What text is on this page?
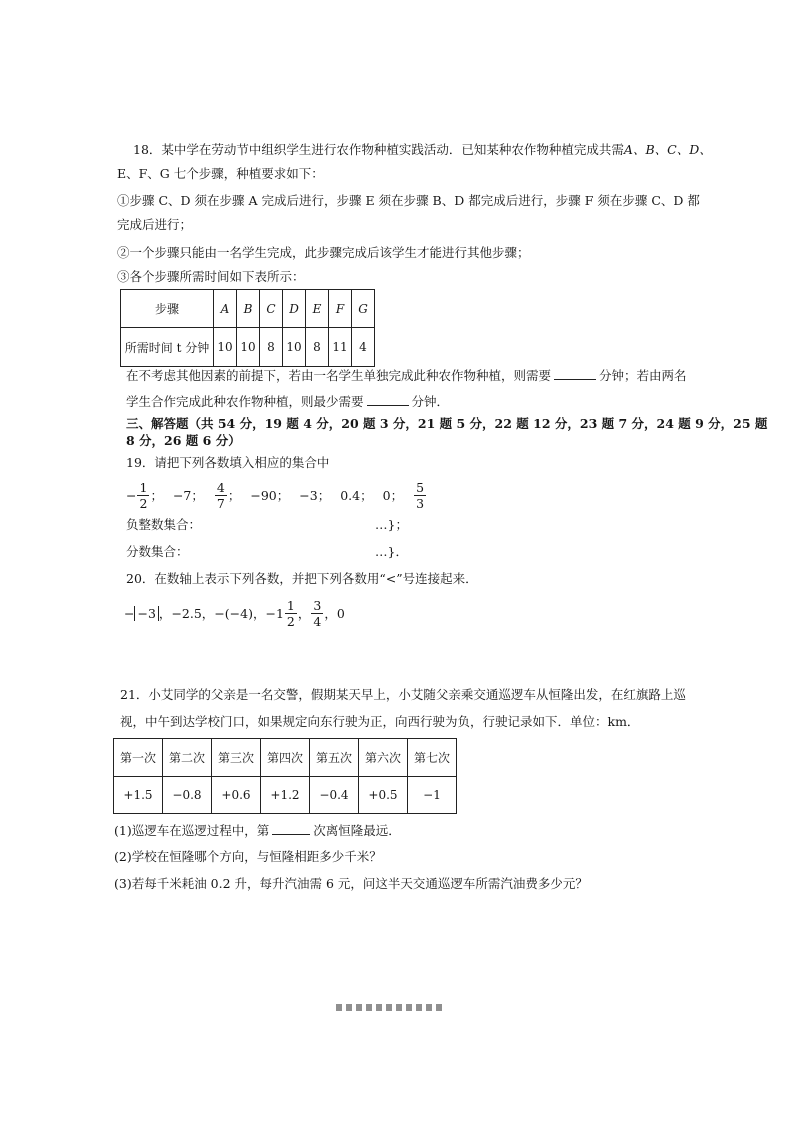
18．某中学在劳动节中组织学生进行农作物种植实践活动．已知某种农作物种植完成共需A、B、C、D、
E、F、G 七个步骤，种植要求如下：
①步骤 C、D 须在步骤 A 完成后进行，步骤 E 须在步骤 B、D 都完成后进行，步骤 F 须在步骤 C、D 都
完成后进行；
②一个步骤只能由一名学生完成，此步骤完成后该学生才能进行其他步骤；
③各个步骤所需时间如下表所示：
步骤	A	B	C	D	E	F	G
所需时间 t 分钟	10	10	8	10	8	11	4
在不考虑其他因素的前提下，若由一名学生单独完成此种农作物种植，则需要	分钟；若由两名
学生合作完成此种农作物种植，则最少需要	分钟．
三、解答题（共 54 分，19 题 4 分，20 题 3 分，21 题 5 分，22 题 12 分，23 题 7 分，24 题 9 分，25 题
8 分，26 题 6 分）
19．请把下列各数填入相应的集合中
− $\frac{1}{2}$ ； −7 ； $\frac{4}{7}$ ； −90 ； −3 ； 0.4 ； 0 ； $\frac{5}{3}$
负整数集合：	…}；
分数集合：	…}．
20．在数轴上表示下列各数，并把下列各数用“<”号连接起来．
− −3 ， −2.5 ， −(−4) ， $-1 \frac{1}{2}$ ， $\frac{3}{4}$ ， 0
21．小艾同学的父亲是一名交警，假期某天早上，小艾随父亲乘交通巡逻车从恒隆出发，在红旗路上巡
视，中午到达学校门口，如果规定向东行驶为正，向西行驶为负，行驶记录如下．单位：km．
第一次	第二次	第三次	第四次	第五次	第六次	第七次
+1.5	−0.8	+0.6	+1.2	−0.4	+0.5	−1
(1)巡逻车在巡逻过程中，第	次离恒隆最远．
(2)学校在恒隆哪个方向，与恒隆相距多少千米？
(3)若每千米耗油 0.2 升，每升汽油需 6 元，问这半天交通巡逻车所需汽油费多少元？
